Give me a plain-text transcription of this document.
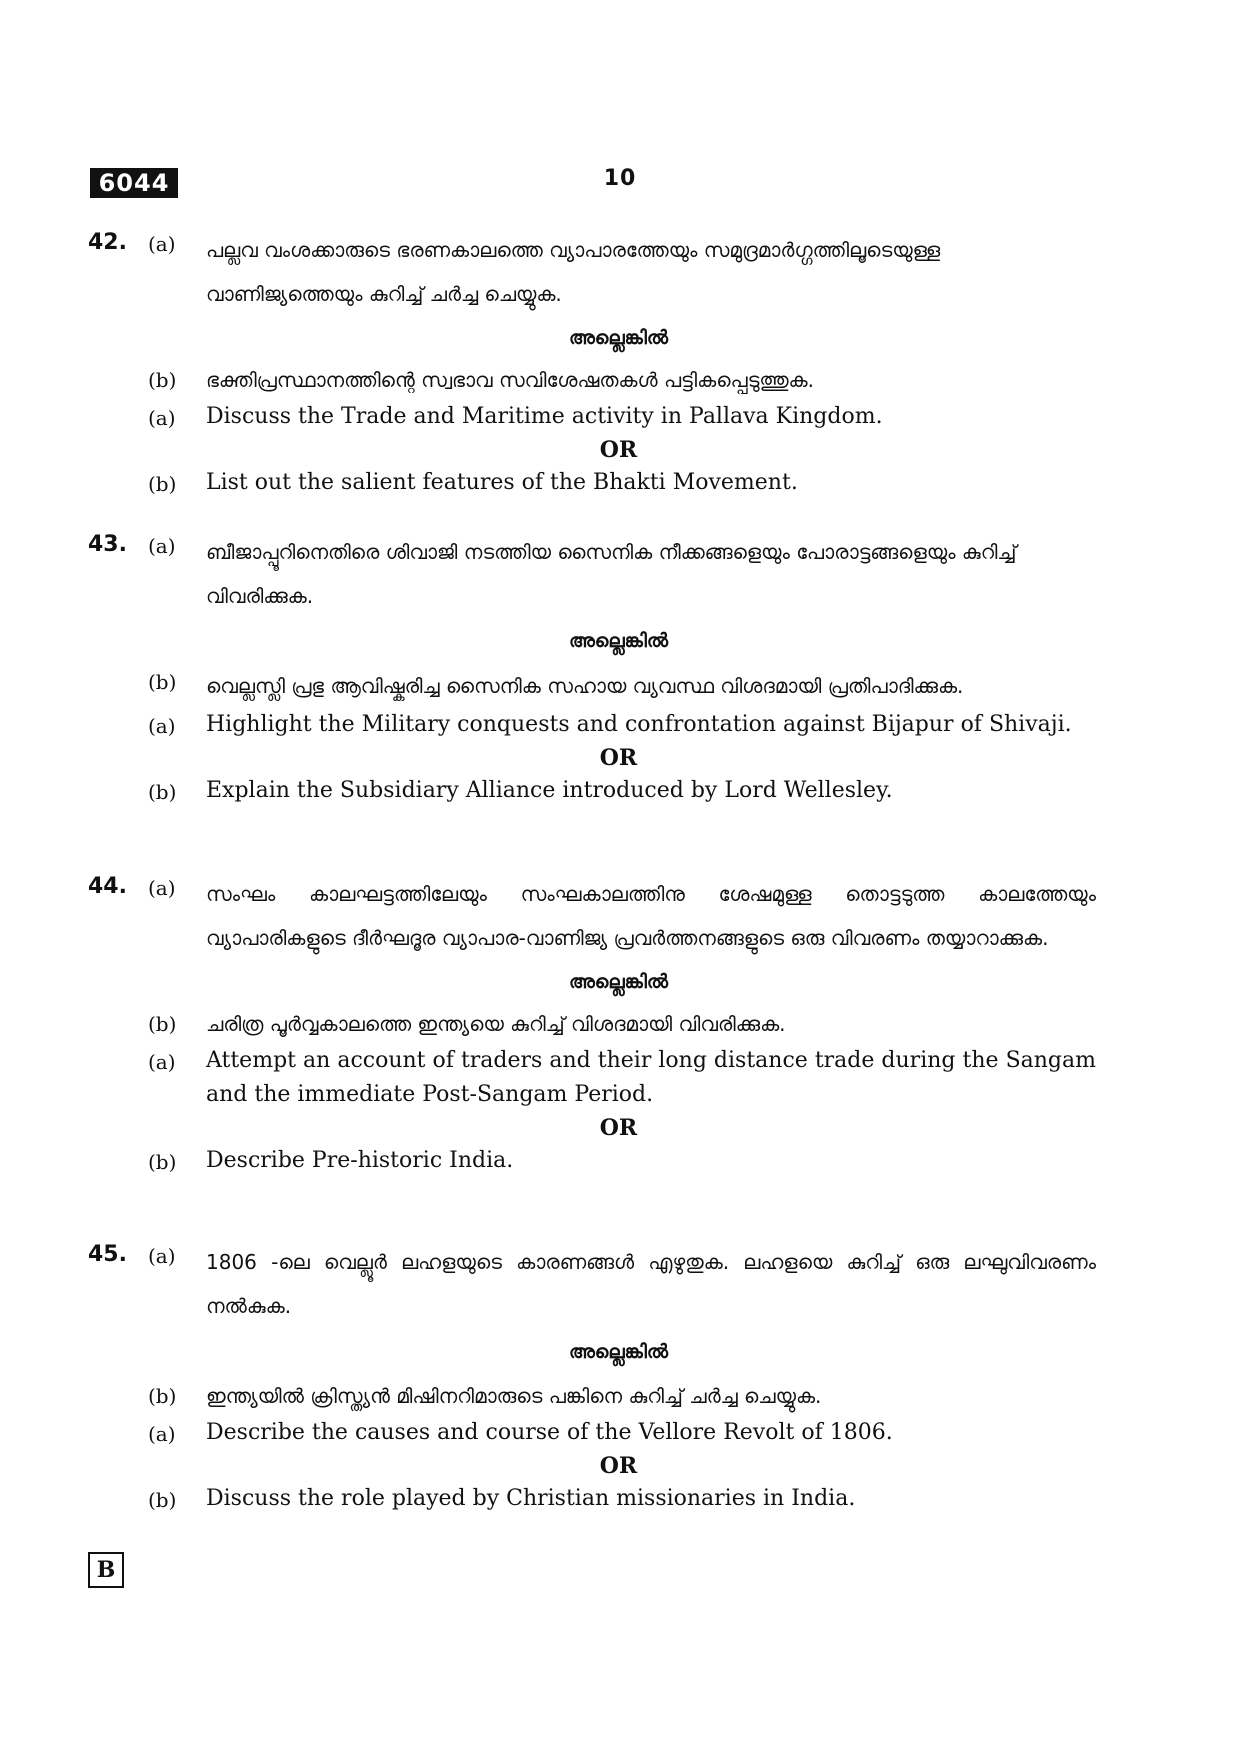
6044	10
42.	(a)	പല്ലവ വംശക്കാരുടെ ഭരണകാലത്തെ വ്യാപാരത്തേയും സമുദ്രമാർഗ്ഗത്തിലൂടെയുള്ള വാണിജ്യത്തെയും കുറിച്ച് ചർച്ച ചെയ്യുക.
അല്ലെങ്കിൽ
(b)	ഭക്തിപ്രസ്ഥാനത്തിന്റെ സ്വഭാവ സവിശേഷതകൾ പട്ടികപ്പെടുത്തുക.
(a)	Discuss the Trade and Maritime activity in Pallava Kingdom.
OR
(b)	List out the salient features of the Bhakti Movement.
43.	(a)	ബീജാപ്പൂറിനെതിരെ ശിവാജി നടത്തിയ സൈനിക നീക്കങ്ങളെയും പോരാട്ടങ്ങളെയും കുറിച്ച് വിവരിക്കുക.
അല്ലെങ്കിൽ
(b)	വെല്ലസ്ലി പ്രഭു ആവിഷ്കരിച്ച സൈനിക സഹായ വ്യവസ്ഥ വിശദമായി പ്രതിപാദിക്കുക.
(a)	Highlight the Military conquests and confrontation against Bijapur of Shivaji.
OR
(b)	Explain the Subsidiary Alliance introduced by Lord Wellesley.
44.	(a)	സംഘം കാലഘട്ടത്തിലേയും സംഘകാലത്തിനു ശേഷമുള്ള തൊട്ടടുത്ത കാലത്തേയും വ്യാപാരികളുടെ ദീർഘദൂര വ്യാപാര-വാണിജ്യ പ്രവർത്തനങ്ങളുടെ ഒരു വിവരണം തയ്യാറാക്കുക.
അല്ലെങ്കിൽ
(b)	ചരിത്ര പൂർവ്വകാലത്തെ ഇന്ത്യയെ കുറിച്ച് വിശദമായി വിവരിക്കുക.
(a)	Attempt an account of traders and their long distance trade during the Sangam and the immediate Post-Sangam Period.
OR
(b)	Describe Pre-historic India.
45.	(a)	1806 -ലെ വെല്ലൂർ ലഹളയുടെ കാരണങ്ങൾ എഴുതുക. ലഹളയെ കുറിച്ച് ഒരു ലഘുവിവരണം നൽകുക.
അല്ലെങ്കിൽ
(b)	ഇന്ത്യയിൽ ക്രിസ്ത്യൻ മിഷിനറിമാരുടെ പങ്കിനെ കുറിച്ച് ചർച്ച ചെയ്യുക.
(a)	Describe the causes and course of the Vellore Revolt of 1806.
OR
(b)	Discuss the role played by Christian missionaries in India.
B
